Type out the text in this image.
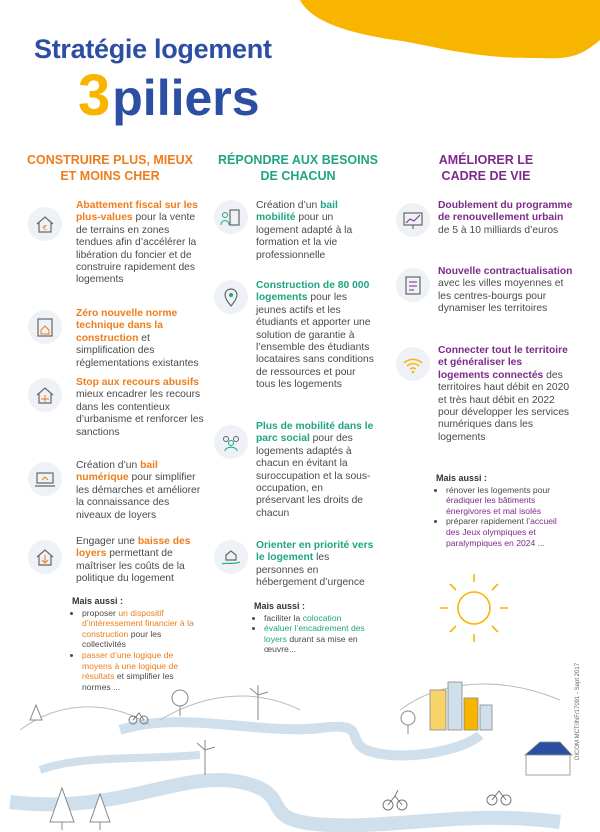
Stratégie logement
3piliers
CONSTRUIRE PLUS, MIEUX ET MOINS CHER
RÉPONDRE AUX BESOINS DE CHACUN
AMÉLIORER LE CADRE DE VIE
€
Abattement fiscal sur les plus-values pour la vente de terrains en zones tendues afin d’accélérer la libération du foncier et de construire rapidement des logements
Zéro nouvelle norme technique dans la construction et simplification des réglementations existantes
Stop aux recours abusifs mieux encadrer les recours dans les contentieux d’urbanisme et renforcer les sanctions
Création d’un bail numérique pour simplifier les démarches et améliorer la connaissance des niveaux de loyers
Engager une baisse des loyers permettant de maîtriser les coûts de la politique du logement
Mais aussi :
• proposer un dispositif d’intéressement financier à la construction pour les collectivités
• passer d’une logique de moyens à une logique de résultats et simplifier les normes ...
Création d’un bail mobilité pour un logement adapté à la formation et la vie professionnelle
Construction de 80 000 logements pour les jeunes actifs et les étudiants et apporter une solution de garantie à l’ensemble des étudiants locataires sans conditions de ressources et pour tous les logements
Plus de mobilité dans le parc social pour des logements adaptés à chacun en évitant la suroccupation et la sous-occupation, en préservant les droits de chacun
Orienter en priorité vers le logement les personnes en hébergement d’urgence
Mais aussi :
• faciliter la colocation
• évaluer l’encadrement des loyers durant sa mise en œuvre...
Doublement du programme de renouvellement urbain de 5 à 10 milliards d’euros
Nouvelle contractualisation avec les villes moyennes et les centres-bourgs pour dynamiser les territoires
Connecter tout le territoire et généraliser les logements connectés des territoires haut débit en 2020 et très haut débit en 2022 pour développer les services numériques dans les logements
Mais aussi :
• rénover les logements pour éradiquer les bâtiments énergivores et mal isolés
• préparer rapidement l’accueil des Jeux olympiques et paralympiques en 2024 ...
DICOM MCT/INF/17091 - Sept 2017
